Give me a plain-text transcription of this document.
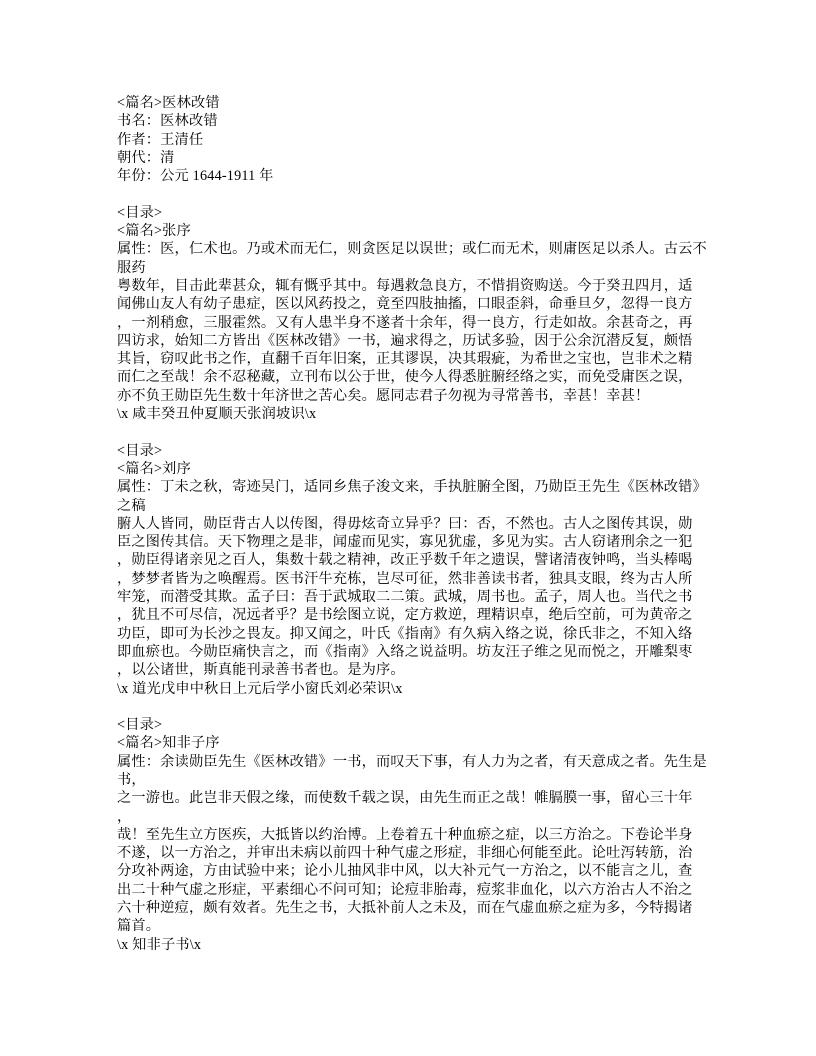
<篇名>医林改错
书名：医林改错
作者：王清任
朝代：清
年份：公元 1644-1911 年
<目录>
<篇名>张序
属性：医，仁术也。乃或术而无仁，则贪医足以误世；或仁而无术，则庸医足以杀人。古云不
服药
粤数年，目击此辈甚众，辄有慨乎其中。每遇救急良方，不惜捐资购送。今于癸丑四月，适
闻佛山友人有幼子患症，医以风药投之，竟至四肢抽搐，口眼歪斜，命垂旦夕，忽得一良方
，一剂稍愈，三服霍然。又有人患半身不遂者十余年，得一良方，行走如故。余甚奇之，再
四访求，始知二方皆出《医林改错》一书，遍求得之，历试多验，因于公余沉潜反复，颇悟
其旨，窃叹此书之作，直翻千百年旧案，正其谬误，决其瑕疵，为希世之宝也，岂非术之精
而仁之至哉！余不忍秘藏，立刊布以公于世，使今人得悉脏腑经络之实，而免受庸医之误，
亦不负王勋臣先生数十年济世之苦心矣。愿同志君子勿视为寻常善书，幸甚！幸甚！
\x 咸丰癸丑仲夏顺天张润坡识\x
<目录>
<篇名>刘序
属性：丁未之秋，寄迹吴门，适同乡焦子浚文来，手执脏腑全图，乃勋臣王先生《医林改错》
之稿
腑人人皆同，勋臣背古人以传图，得毋炫奇立异乎？曰：否，不然也。古人之图传其误，勋
臣之图传其信。天下物理之是非，闻虚而见实，寡见犹虚，多见为实。古人窃诸刑余之一犯
，勋臣得诸亲见之百人，集数十载之精神，改正乎数千年之遗误，譬诸清夜钟鸣，当头棒喝
，梦梦者皆为之唤醒焉。医书汗牛充栋，岂尽可征，然非善读书者，独具支眼，终为古人所
牢笼，而潜受其欺。孟子曰：吾于武城取二二策。武城，周书也。孟子，周人也。当代之书
，犹且不可尽信，况远者乎？是书绘图立说，定方救逆，理精识卓，绝后空前，可为黄帝之
功臣，即可为长沙之畏友。抑又闻之，叶氏《指南》有久病入络之说，徐氏非之，不知入络
即血瘀也。今勋臣痛快言之，而《指南》入络之说益明。坊友汪子维之见而悦之，开雕梨枣
，以公诸世，斯真能刊录善书者也。是为序。
\x 道光戊申中秋日上元后学小窗氏刘必荣识\x
<目录>
<篇名>知非子序
属性：余读勋臣先生《医林改错》一书，而叹天下事，有人力为之者，有天意成之者。先生是
书，
之一游也。此岂非天假之缘，而使数千载之误，由先生而正之哉！帷膈膜一事，留心三十年
，
哉！至先生立方医疾，大抵皆以约治博。上卷着五十种血瘀之症，以三方治之。下卷论半身
不遂，以一方治之，并审出未病以前四十种气虚之形症，非细心何能至此。论吐泻转筋，治
分攻补两途，方由试验中来；论小儿抽风非中风，以大补元气一方治之，以不能言之儿，查
出二十种气虚之形症，平素细心不问可知；论痘非胎毒，痘浆非血化，以六方治古人不治之
六十种逆痘，颇有效者。先生之书，大抵补前人之未及，而在气虚血瘀之症为多，今特揭诸
篇首。
\x 知非子书\x
